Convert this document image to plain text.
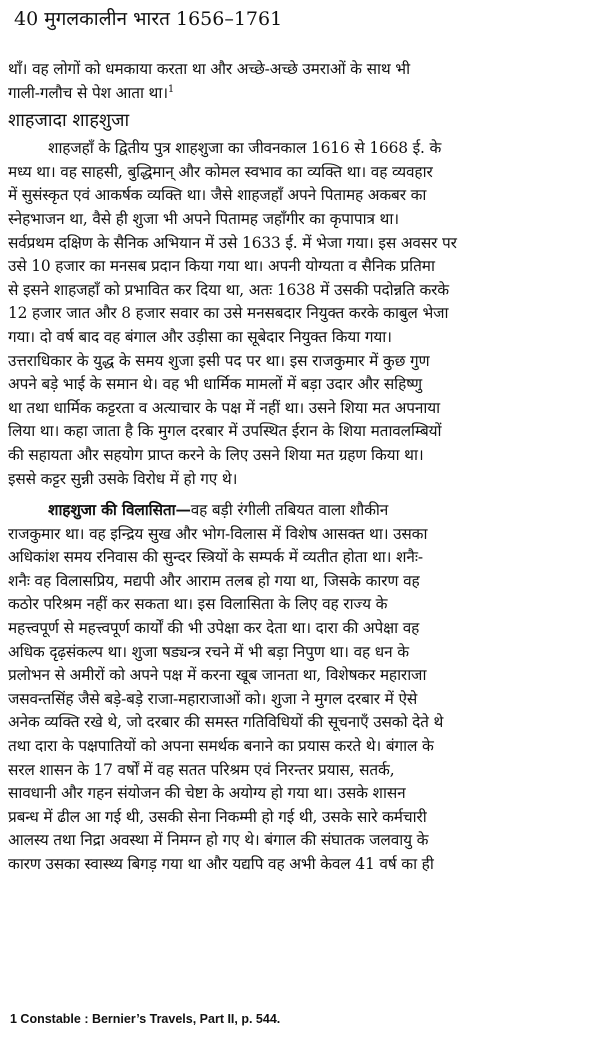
40 मुगलकालीन भारत 1656–1761
थाँ। वह लोगों को धमकाया करता था और अच्छे-अच्छे उमराओं के साथ भी
गाली-गलौच से पेश आता था।$^1$
शाहजादा शाहशुजा
शाहजहाँ के द्वितीय पुत्र शाहशुजा का जीवनकाल 1616 से 1668 ई. के
मध्य था। वह साहसी, बुद्धिमान् और कोमल स्वभाव का व्यक्ति था। वह व्यवहार
में सुसंस्कृत एवं आकर्षक व्यक्ति था। जैसे शाहजहाँ अपने पितामह अकबर का
स्नेहभाजन था, वैसे ही शुजा भी अपने पितामह जहाँगीर का कृपापात्र था।
सर्वप्रथम दक्षिण के सैनिक अभियान में उसे 1633 ई. में भेजा गया। इस अवसर पर
उसे 10 हजार का मनसब प्रदान किया गया था। अपनी योग्यता व सैनिक प्रतिमा
से इसने शाहजहाँ को प्रभावित कर दिया था, अतः 1638 में उसकी पदोन्नति करके
12 हजार जात और 8 हजार सवार का उसे मनसबदार नियुक्त करके काबुल भेजा
गया। दो वर्ष बाद वह बंगाल और उड़ीसा का सूबेदार नियुक्त किया गया।
उत्तराधिकार के युद्ध के समय शुजा इसी पद पर था। इस राजकुमार में कुछ गुण
अपने बड़े भाई के समान थे। वह भी धार्मिक मामलों में बड़ा उदार और सहिष्णु
था तथा धार्मिक कट्टरता व अत्याचार के पक्ष में नहीं था। उसने शिया मत अपनाया
लिया था। कहा जाता है कि मुगल दरबार में उपस्थित ईरान के शिया मतावलम्बियों
की सहायता और सहयोग प्राप्त करने के लिए उसने शिया मत ग्रहण किया था।
इससे कट्टर सुन्नी उसके विरोध में हो गए थे।
शाहशुजा की विलासिता—वह बड़ी रंगीली तबियत वाला शौकीन
राजकुमार था। वह इन्द्रिय सुख और भोग-विलास में विशेष आसक्त था। उसका
अधिकांश समय रनिवास की सुन्दर स्त्रियों के सम्पर्क में व्यतीत होता था। शनैः-
शनैः वह विलासप्रिय, मद्यपी और आराम तलब हो गया था, जिसके कारण वह
कठोर परिश्रम नहीं कर सकता था। इस विलासिता के लिए वह राज्य के
महत्त्वपूर्ण से महत्त्वपूर्ण कार्यों की भी उपेक्षा कर देता था। दारा की अपेक्षा वह
अधिक दृढ़संकल्प था। शुजा षड्यन्त्र रचने में भी बड़ा निपुण था। वह धन के
प्रलोभन से अमीरों को अपने पक्ष में करना खूब जानता था, विशेषकर महाराजा
जसवन्तसिंह जैसे बड़े-बड़े राजा-महाराजाओं को। शुजा ने मुगल दरबार में ऐसे
अनेक व्यक्ति रखे थे, जो दरबार की समस्त गतिविधियों की सूचनाएँ उसको देते थे
तथा दारा के पक्षपातियों को अपना समर्थक बनाने का प्रयास करते थे। बंगाल के
सरल शासन के 17 वर्षों में वह सतत परिश्रम एवं निरन्तर प्रयास, सतर्क,
सावधानी और गहन संयोजन की चेष्टा के अयोग्य हो गया था। उसके शासन
प्रबन्ध में ढील आ गई थी, उसकी सेना निकम्मी हो गई थी, उसके सारे कर्मचारी
आलस्य तथा निद्रा अवस्था में निमग्न हो गए थे। बंगाल की संघातक जलवायु के
कारण उसका स्वास्थ्य बिगड़ गया था और यद्यपि वह अभी केवल 41 वर्ष का ही
1 Constable : Bernier’s Travels, Part II, p. 544.
